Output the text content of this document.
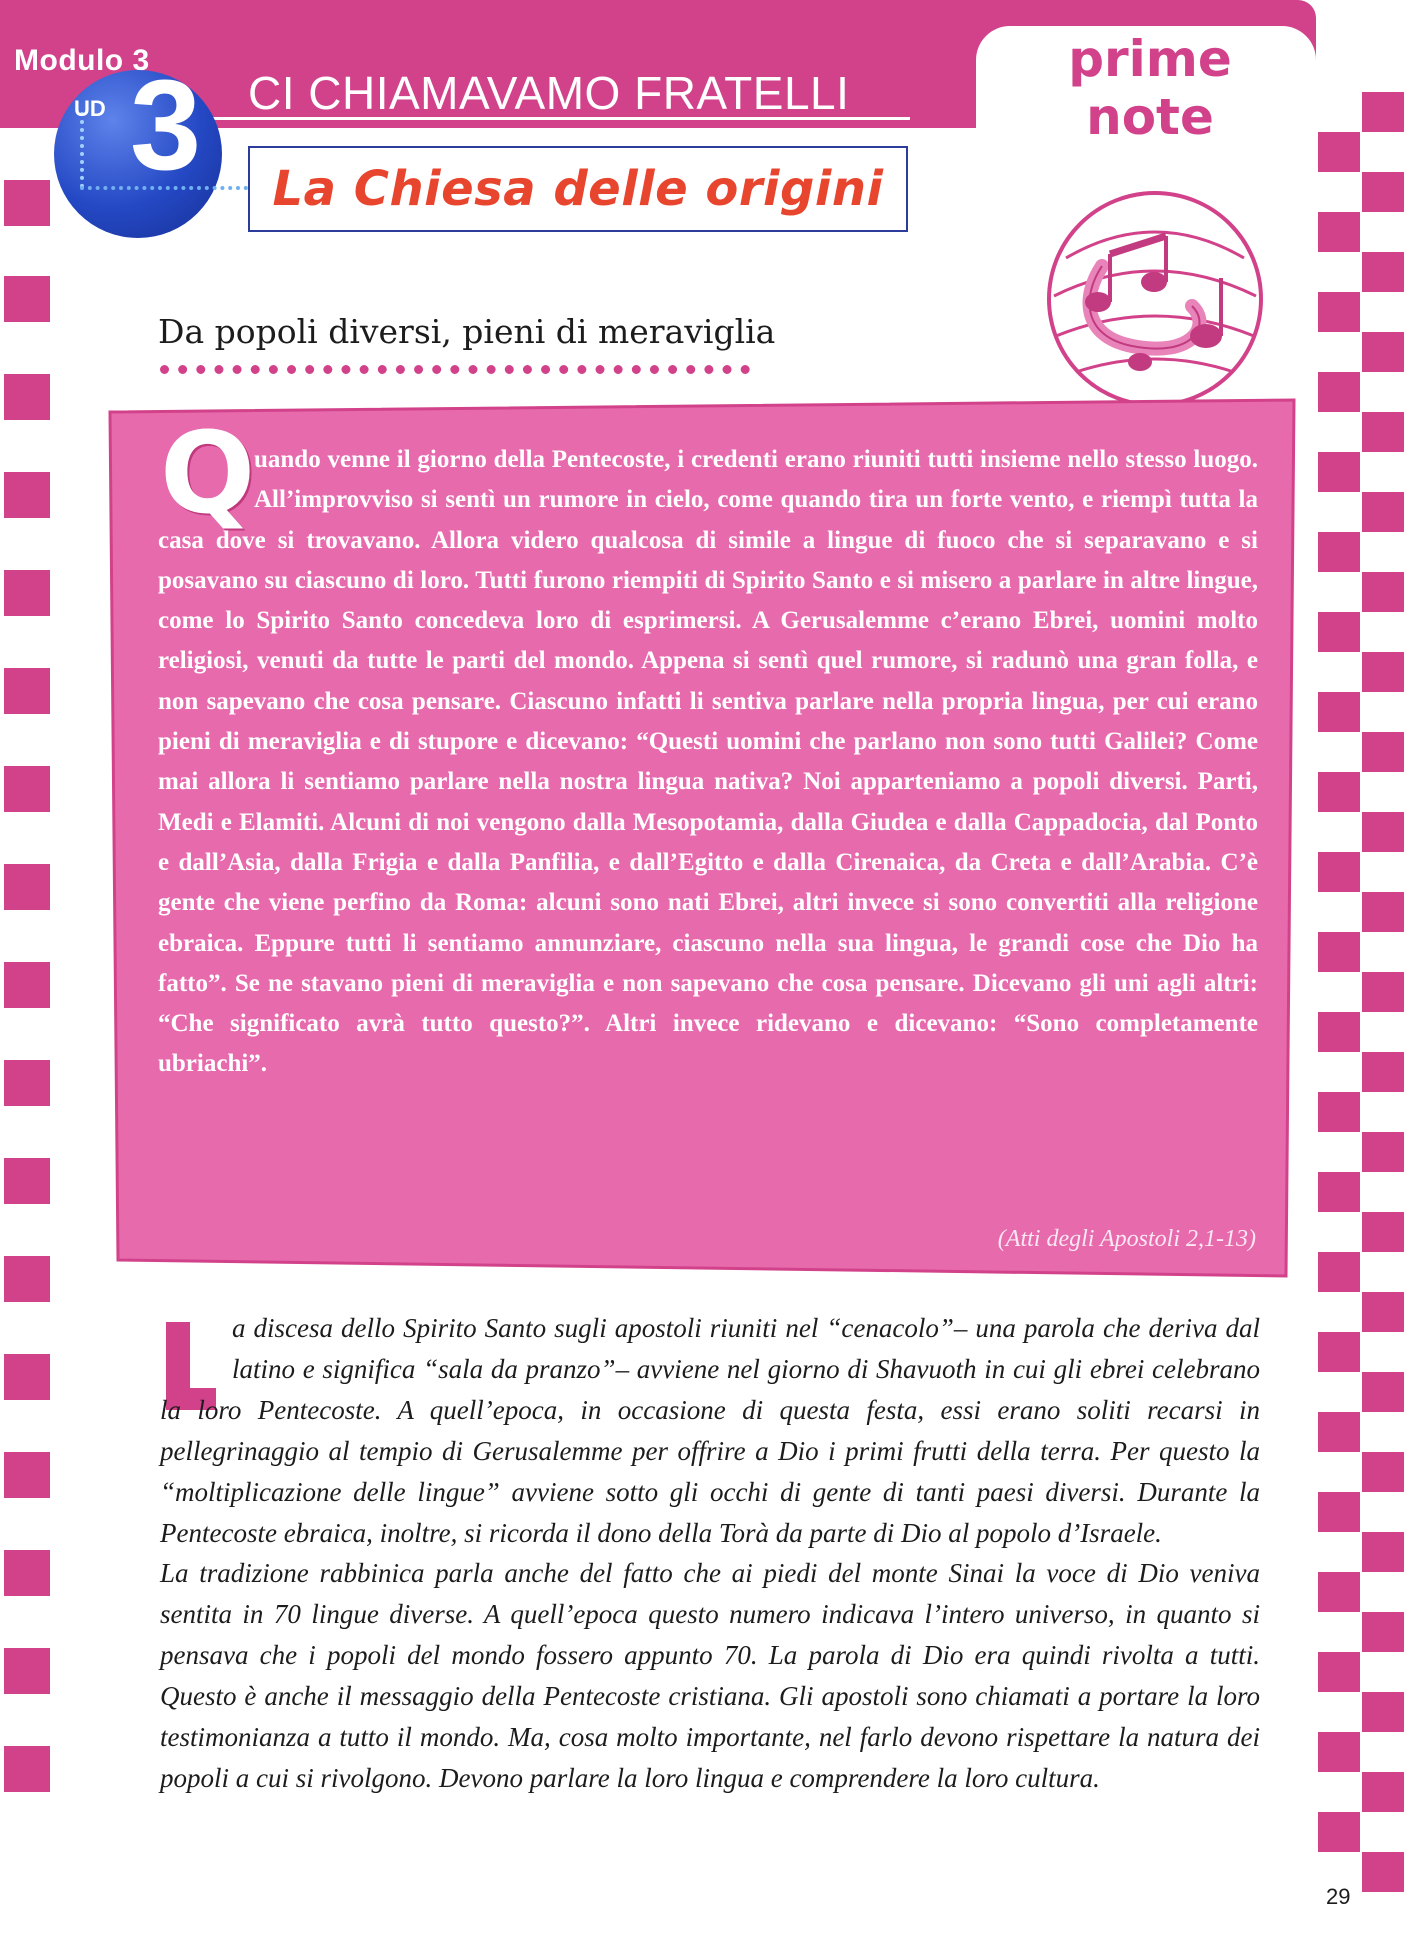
Modulo 3
UD 3 CI CHIAMAVAMO FRATELLI
La Chiesa delle origini
prime note
Da popoli diversi, pieni di meraviglia
Q

uando venne il giorno della Pentecoste, i credenti erano riuniti tutti insieme nello stesso luogo. All’improvviso si sentì un rumore in cielo, come quando tira un forte vento, e riempì tutta la casa dove si trovavano. Allora videro qualcosa di simile a lingue di fuoco che si separavano e si posavano su ciascuno di loro. Tutti furono riempiti di Spirito Santo e si misero a parlare in altre lingue, come lo Spirito Santo concedeva loro di esprimersi. A Gerusalemme c’erano Ebrei, uomini molto religiosi, venuti da tutte le parti del mondo. Appena si sentì quel rumore, si radunò una gran folla, e non sapevano che cosa pensare. Ciascuno infatti li sentiva parlare nella propria lingua, per cui erano pieni di meraviglia e di stupore e dicevano: “Questi uomini che parlano non sono tutti Galilei? Come mai allora li sentiamo parlare nella nostra lingua nativa? Noi apparteniamo a popoli diversi. Parti, Medi e Elamiti. Alcuni di noi vengono dalla Mesopotamia, dalla Giudea e dalla Cappadocia, dal Ponto e dall’Asia, dalla Frigia e dalla Panfilia, e dall’Egitto e dalla Cirenaica, da Creta e dall’Arabia. C’è gente che viene perfino da Roma: alcuni sono nati Ebrei, altri invece si sono convertiti alla religione ebraica. Eppure tutti li sentiamo annunziare, ciascuno nella sua lingua, le grandi cose che Dio ha fatto”. Se ne stavano pieni di meraviglia e non sapevano che cosa pensare. Dicevano gli uni agli altri: “Che significato avrà tutto questo?”. Altri invece ridevano e dicevano: “Sono completamente ubriachi”.

(Atti degli Apostoli 2,1-13)

a discesa dello Spirito Santo sugli apostoli riuniti nel “cenacolo”– una parola che deriva dal latino e significa “sala da pranzo”– avviene nel giorno di Shavuoth in cui gli ebrei celebrano la loro Pentecoste. A quell’epoca, in occasione di questa festa, essi erano soliti recarsi in pellegrinaggio al tempio di Gerusalemme per offrire a Dio i primi frutti della terra. Per questo la “moltiplicazione delle lingue” avviene sotto gli occhi di gente di tanti paesi diversi. Durante la Pentecoste ebraica, inoltre, si ricorda il dono della Torà da parte di Dio al popolo d’Israele.

La tradizione rabbinica parla anche del fatto che ai piedi del monte Sinai la voce di Dio veniva sentita in 70 lingue diverse. A quell’epoca questo numero indicava l’intero universo, in quanto si pensava che i popoli del mondo fossero appunto 70. La parola di Dio era quindi rivolta a tutti. Questo è anche il messaggio della Pentecoste cristiana. Gli apostoli sono chiamati a portare la loro testimonianza a tutto il mondo. Ma, cosa molto importante, nel farlo devono rispettare la natura dei popoli a cui si rivolgono. Devono parlare la loro lingua e comprendere la loro cultura.

29
